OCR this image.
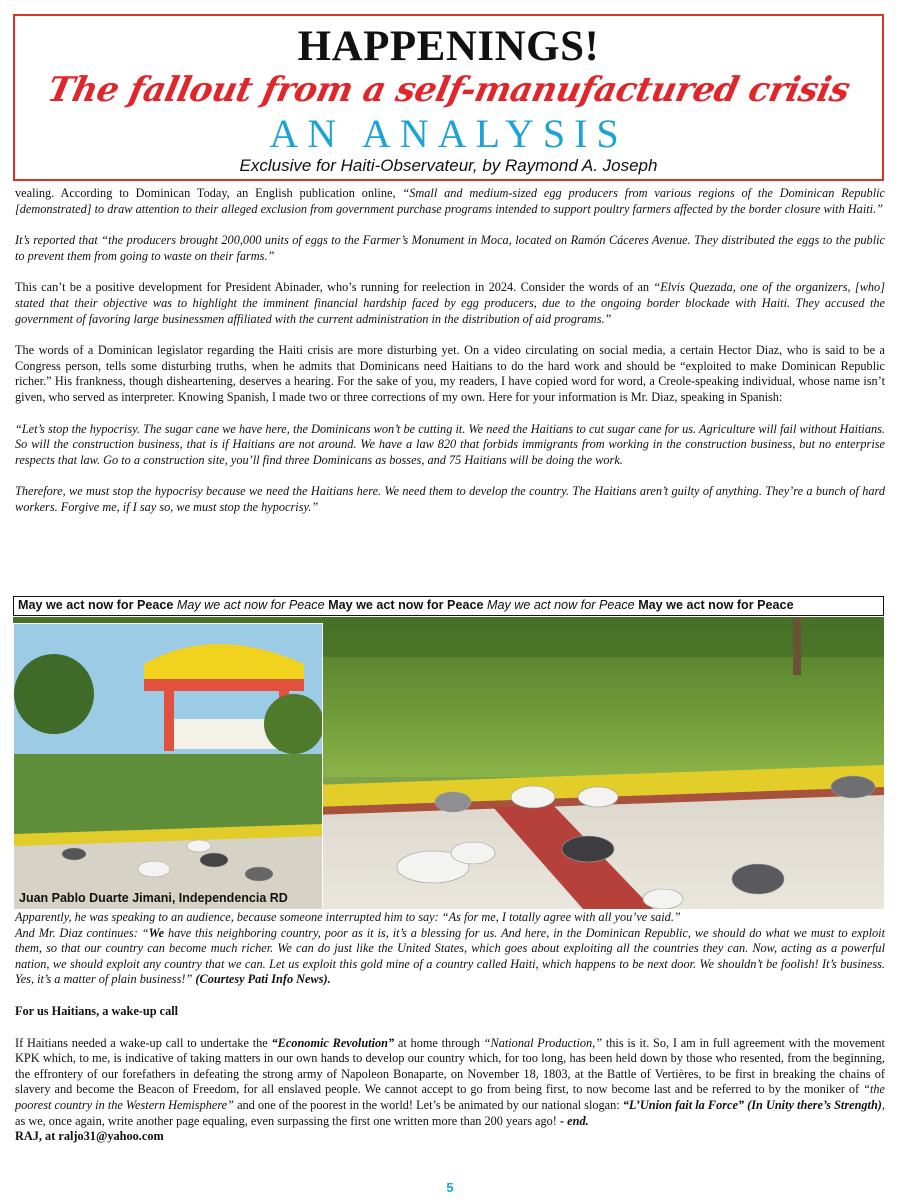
HAPPENINGS!
The fallout from a self-manufactured crisis
AN ANALYSIS
Exclusive for Haiti-Observateur, by Raymond A. Joseph

vealing. According to Dominican Today, an English publication online, “Small and medium-sized egg producers from various regions of the Dominican Republic [demonstrated] to draw attention to their alleged exclusion from government purchase programs intended to support poultry farmers affected by the border closure with Haiti.”

It’s reported that “the producers brought 200,000 units of eggs to the Farmer’s Monument in Moca, located on Ramón Cáceres Avenue. They distributed the eggs to the public to prevent them from going to waste on their farms.”

This can’t be a positive development for President Abinader, who’s running for reelection in 2024. Consider the words of an “Elvis Quezada, one of the organizers, [who] stated that their objective was to highlight the imminent financial hardship faced by egg producers, due to the ongoing border blockade with Haiti. They accused the government of favoring large businessmen affiliated with the current administration in the distribution of aid programs.”

The words of a Dominican legislator regarding the Haiti crisis are more disturbing yet. On a video circulating on social media, a certain Hector Diaz, who is said to be a Congress person, tells some disturbing truths, when he admits that Dominicans need Haitians to do the hard work and should be “exploited to make Dominican Republic richer.” His frankness, though disheartening, deserves a hearing. For the sake of you, my readers, I have copied word for word, a Creole-speaking individual, whose name isn’t given, who served as interpreter. Knowing Spanish, I made two or three corrections of my own. Here for your information is Mr. Diaz, speaking in Spanish:

“Let’s stop the hypocrisy. The sugar cane we have here, the Dominicans won’t be cutting it. We need the Haitians to cut sugar cane for us. Agriculture will fail without Haitians. So will the construction business, that is if Haitians are not around. We have a law 820 that forbids immigrants from working in the construction business, but no enterprise respects that law. Go to a construction site, you’ll find three Dominicans as bosses, and 75 Haitians will be doing the work.

Therefore, we must stop the hypocrisy because we need the Haitians here. We need them to develop the country. The Haitians aren’t guilty of anything. They’re a bunch of hard workers. Forgive me, if I say so, we must stop the hypocrisy.”

May we act now for Peace May we act now for Peace May we act now for Peace May we act now for Peace May we act now for Peace
Juan Pablo Duarte Jimani, Independencia RD

Apparently, he was speaking to an audience, because someone interrupted him to say: “As for me, I totally agree with all you’ve said.”

And Mr. Diaz continues: “We have this neighboring country, poor as it is, it’s a blessing for us. And here, in the Dominican Republic, we should do what we must to exploit them, so that our country can become much richer. We can do just like the United States, which goes about exploiting all the countries they can. Now, acting as a powerful nation, we should exploit any country that we can. Let us exploit this gold mine of a country called Haiti, which happens to be next door. We shouldn’t be foolish! It’s business. Yes, it’s a matter of plain business!” (Courtesy Pati Info News).

For us Haitians, a wake-up call

If Haitians needed a wake-up call to undertake the “Economic Revolution” at home through “National Production,” this is it. So, I am in full agreement with the movement KPK which, to me, is indicative of taking matters in our own hands to develop our country which, for too long, has been held down by those who resented, from the beginning, the effrontery of our forefathers in defeating the strong army of Napoleon Bonaparte, on November 18, 1803, at the Battle of Vertières, to be first in breaking the chains of slavery and become the Beacon of Freedom, for all enslaved people. We cannot accept to go from being first, to now become last and be referred to by the moniker of “the poorest country in the Western Hemisphere” and one of the poorest in the world! Let’s be animated by our national slogan: “L’Union fait la Force” (In Unity there’s Strength), as we, once again, write another page equaling, even surpassing the first one written more than 200 years ago! - end.

RAJ, at raljo31@yahoo.com

5
